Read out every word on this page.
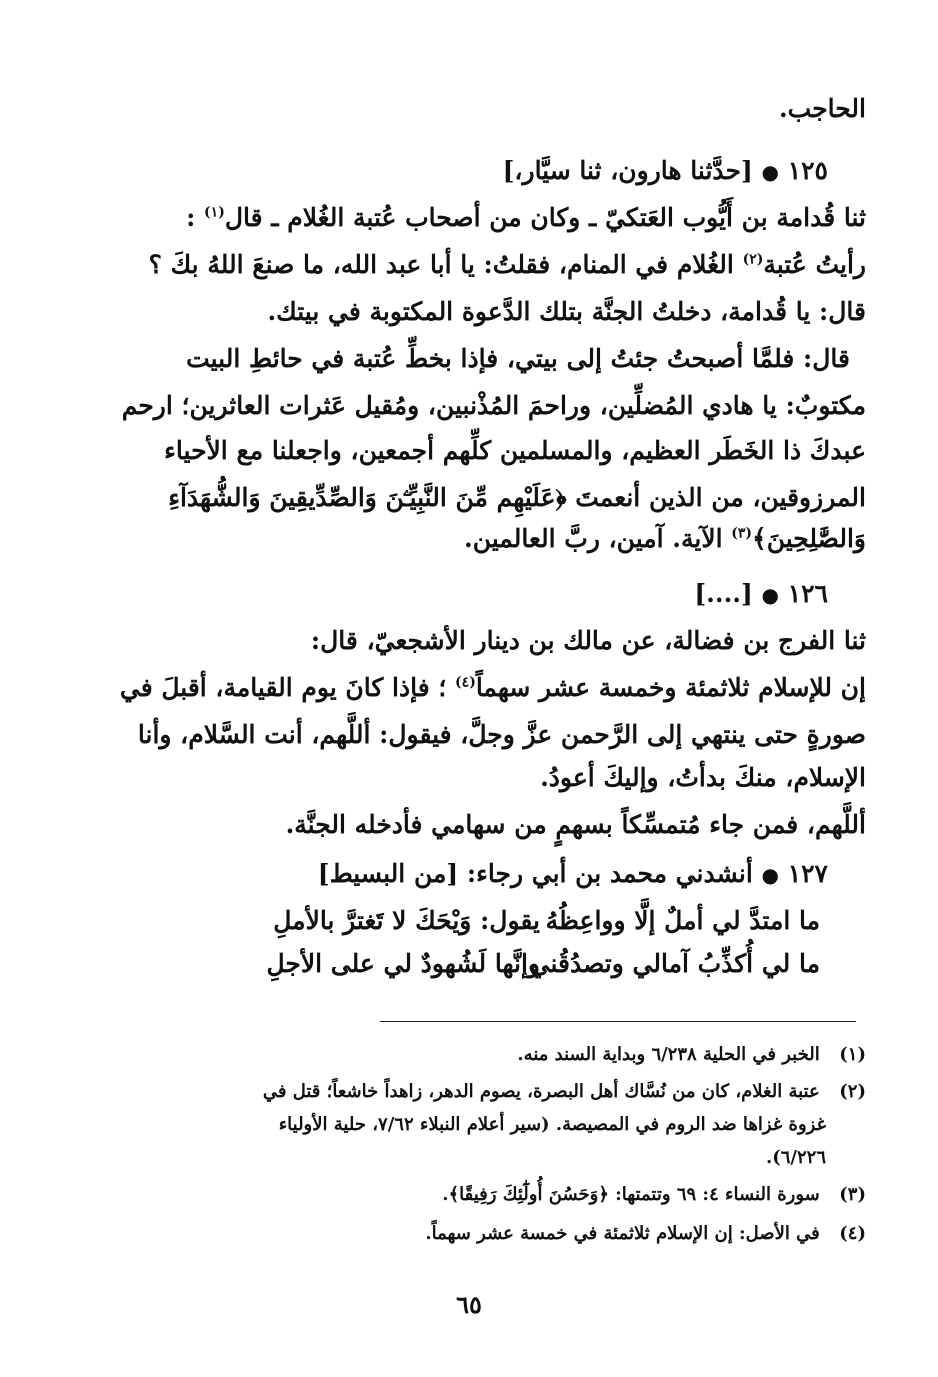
الحاجب.
١٢٥ ● [حدَّثنا هارون، ثنا سيَّار،]
ثنا قُدامة بن أَيُّوب العَتكيّ ـ وكان من أصحاب عُتبة الغُلام ـ قال$^{(١)}$ :
رأيتُ عُتبة$^{(٢)}$ الغُلام في المنام، فقلتُ: يا أبا عبد الله، ما صنعَ اللهُ بكَ ؟
قال: يا قُدامة، دخلتُ الجنَّة بتلك الدَّعوة المكتوبة في بيتك.
قال: فلمَّا أصبحتُ جئتُ إلى بيتي، فإذا بخطِّ عُتبة في حائطِ البيت
مكتوبٌ: يا هادي المُضلِّين، وراحمَ المُذْنبين، ومُقيل عَثرات العاثرين؛ ارحم
عبدكَ ذا الخَطَر العظيم، والمسلمين كلِّهم أجمعين، واجعلنا مع الأحياء
المرزوقين، من الذين أنعمتَ ﴿عَلَيْهِم مِّنَ النَّبِيِّـۧنَ وَالصِّدِّيقِينَ وَالشُّهَدَآءِ
وَالصَّٰلِحِينَ﴾$^{(٣)}$ الآية. آمين، ربَّ العالمين.
١٢٦ ● [....]
ثنا الفرج بن فضالة، عن مالك بن دينار الأشجعيّ، قال:
إن للإسلام ثلاثمئة وخمسة عشر سهماً$^{(٤)}$ ؛ فإذا كانَ يوم القيامة، أقبلَ في
صورةٍ حتى ينتهي إلى الرَّحمن عزَّ وجلَّ، فيقول: أللَّهم، أنت السَّلام، وأنا
الإسلام، منكَ بدأتُ، وإليكَ أعودُ.
أللَّهم، فمن جاء مُتمسِّكاً بسهمٍ من سهامي فأدخله الجنَّة.
١٢٧ ● أنشدني محمد بن أبي رجاء: [من البسيط]
ما امتدَّ لي أملٌ إلَّا وواعِظُهُ
يقول: وَيْحَكَ لا تَغترَّ بالأملِ
ما لي أُكذِّبُ آمالي وتصدُقُني
وإنَّها لَشُهودٌ لي على الأجلِ
(١) الخبر في الحلية ٦/٢٣٨ وبداية السند منه.
(٢) عتبة الغلام، كان من نُسَّاك أهل البصرة، يصوم الدهر، زاهداً خاشعاً؛ قتل في
غزوة غزاها ضد الروم في المصيصة. (سير أعلام النبلاء ٧/٦٢، حلية الأولياء
٦/٢٢٦).
(٣) سورة النساء ٤: ٦٩ وتتمتها: ﴿وَحَسُنَ أُولَٰٓئِكَ رَفِيقًا﴾.
(٤) في الأصل: إن الإسلام ثلاثمئة في خمسة عشر سهماً.
٦٥
